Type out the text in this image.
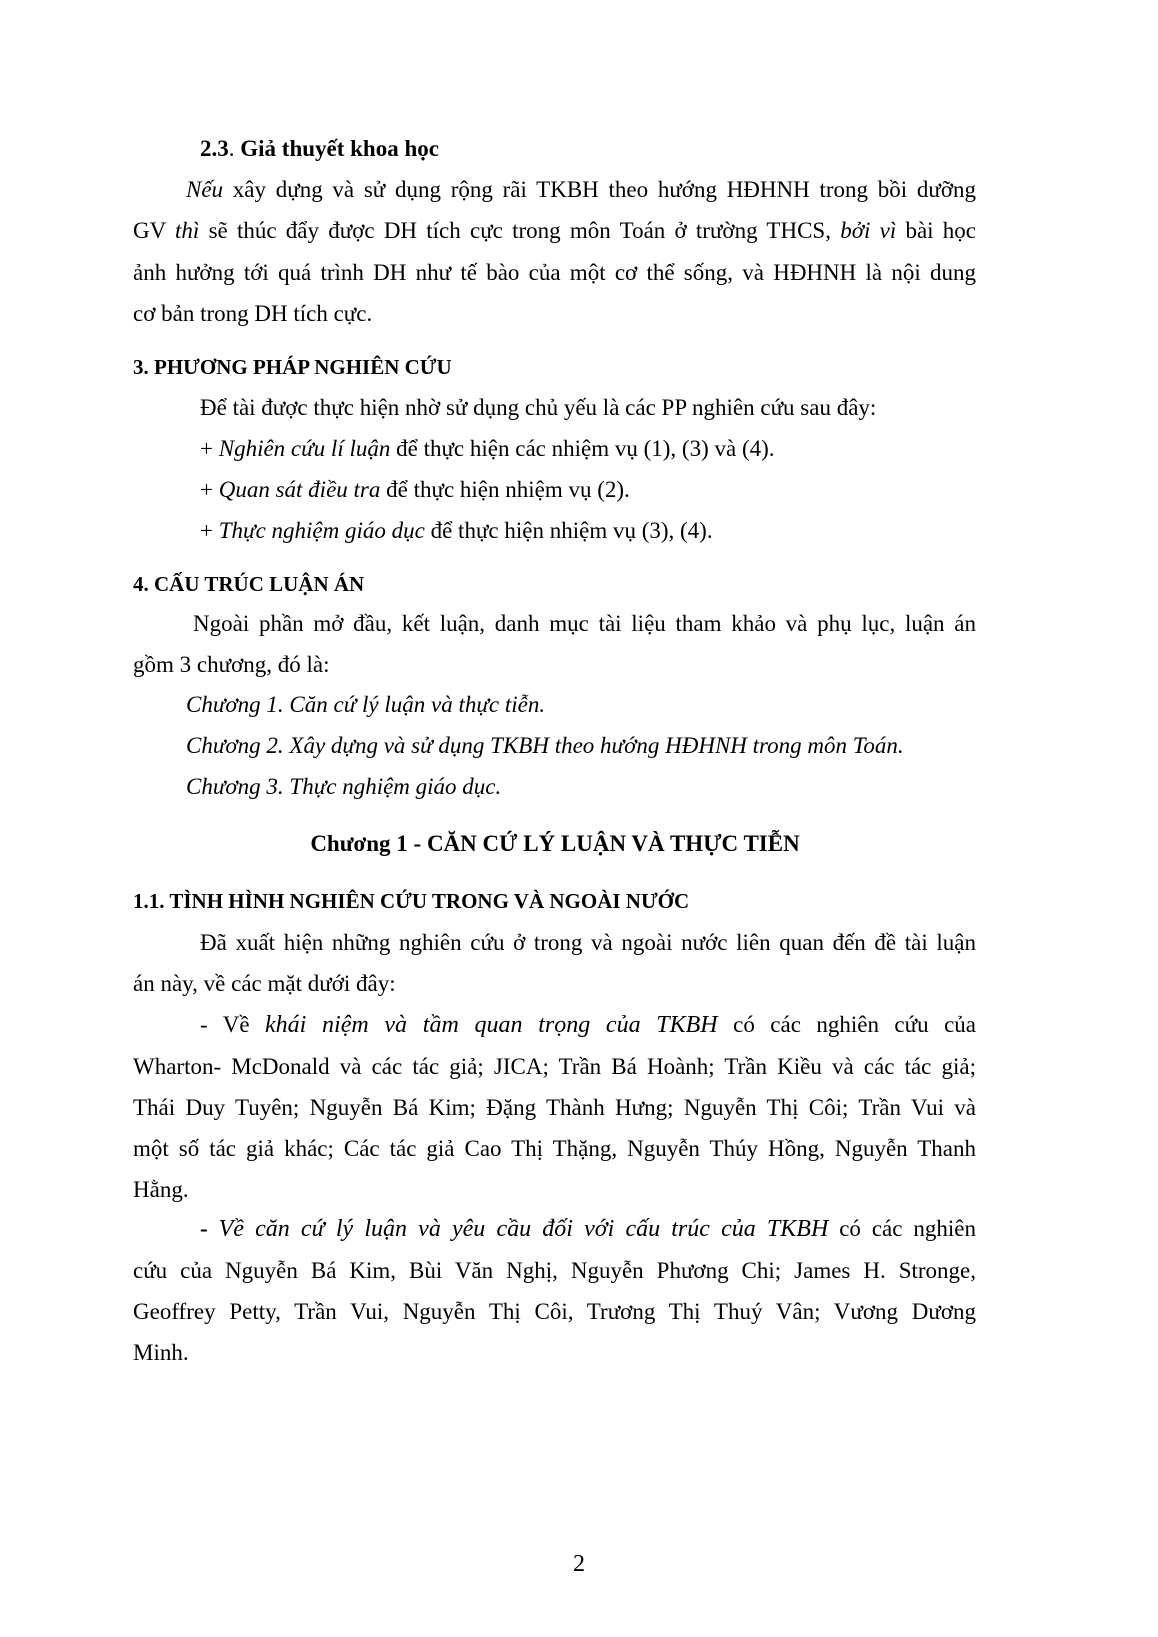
2.3. Giả thuyết khoa học

Nếu xây dựng và sử dụng rộng rãi TKBH theo hướng HĐHNH trong bồi dưỡng

GV thì sẽ thúc đẩy được DH tích cực trong môn Toán ở trường THCS, bởi vì bài học

ảnh hưởng tới quá trình DH như tế bào của một cơ thể sống, và HĐHNH là nội dung

cơ bản trong DH tích cực.

3. PHƯƠNG PHÁP NGHIÊN CỨU

Để tài được thực hiện nhờ sử dụng chủ yếu là các PP nghiên cứu sau đây:

+ Nghiên cứu lí luận để thực hiện các nhiệm vụ (1), (3) và (4).

+ Quan sát điều tra để thực hiện nhiệm vụ (2).

+ Thực nghiệm giáo dục để thực hiện nhiệm vụ (3), (4).

4. CẤU TRÚC LUẬN ÁN

Ngoài phần mở đầu, kết luận, danh mục tài liệu tham khảo và phụ lục, luận án

gồm 3 chương, đó là:

Chương 1. Căn cứ lý luận và thực tiễn.

Chương 2. Xây dựng và sử dụng TKBH theo hướng HĐHNH trong môn Toán.

Chương 3. Thực nghiệm giáo dục.

Chương 1 - CĂN CỨ LÝ LUẬN VÀ THỰC TIỄN

1.1. TÌNH HÌNH NGHIÊN CỨU TRONG VÀ NGOÀI NƯỚC

Đã xuất hiện những nghiên cứu ở trong và ngoài nước liên quan đến đề tài luận

án này, về các mặt dưới đây:

- Về khái niệm và tầm quan trọng của TKBH có các nghiên cứu của

Wharton- McDonald và các tác giả; JICA; Trần Bá Hoành; Trần Kiều và các tác giả;

Thái Duy Tuyên; Nguyễn Bá Kim; Đặng Thành Hưng; Nguyễn Thị Côi; Trần Vui và

một số tác giả khác; Các tác giả Cao Thị Thặng, Nguyễn Thúy Hồng, Nguyễn Thanh

Hằng.

- Về căn cứ lý luận và yêu cầu đối với cấu trúc của TKBH có các nghiên

cứu của Nguyễn Bá Kim, Bùi Văn Nghị, Nguyễn Phương Chi; James H. Stronge,

Geoffrey Petty, Trần Vui, Nguyễn Thị Côi, Trương Thị Thuý Vân; Vương Dương

Minh.

2
